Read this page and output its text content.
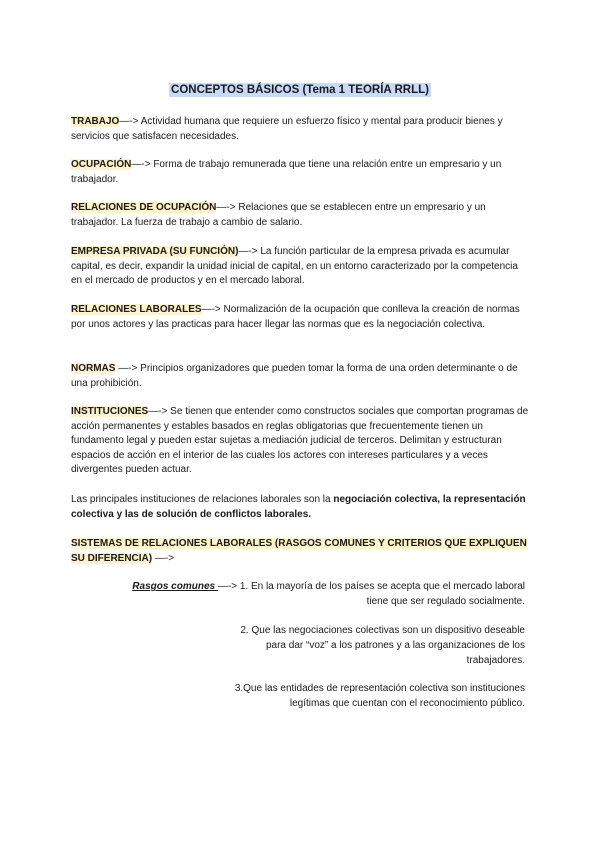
CONCEPTOS BÁSICOS (Tema 1 TEORÍA RRLL)
TRABAJO—-> Actividad humana que requiere un esfuerzo físico y mental para producir bienes y servicios que satisfacen necesidades.
OCUPACIÓN—-> Forma de trabajo remunerada que tiene una relación entre un empresario y un trabajador.
RELACIONES DE OCUPACIÓN—-> Relaciones que se establecen entre un empresario y un trabajador. La fuerza de trabajo a cambio de salario.
EMPRESA PRIVADA (SU FUNCIÓN)—-> La función particular de la empresa privada es acumular capital, es decir, expandir la unidad inicial de capital, en un entorno caracterizado por la competencia en el mercado de productos y en el mercado laboral.
RELACIONES LABORALES—-> Normalización de la ocupación que conlleva la creación de normas por unos actores y las practicas para hacer llegar las normas que es la negociación colectiva.
NORMAS —-> Principios organizadores que pueden tomar la forma de una orden determinante o de una prohibición.
INSTITUCIONES—-> Se tienen que entender como constructos sociales que comportan programas de acción permanentes y estables basados en reglas obligatorias que frecuentemente tienen un fundamento legal y pueden estar sujetas a mediación judicial de terceros. Delimitan y estructuran espacios de acción en el interior de las cuales los actores con intereses particulares y a veces divergentes pueden actuar.
Las principales instituciones de relaciones laborales son la negociación colectiva, la representación colectiva y las de solución de conflictos laborales.
SISTEMAS DE RELACIONES LABORALES (RASGOS COMUNES Y CRITERIOS QUE EXPLIQUEN SU DIFERENCIA) —->
Rasgos comunes —-> 1. En la mayoría de los países se acepta que el mercado laboral
tiene que ser regulado socialmente.
2. Que las negociaciones colectivas son un dispositivo deseable
para dar “voz” a los patrones y a las organizaciones de los
trabajadores.
3.Que las entidades de representación colectiva son instituciones
legítimas que cuentan con el reconocimiento público.
